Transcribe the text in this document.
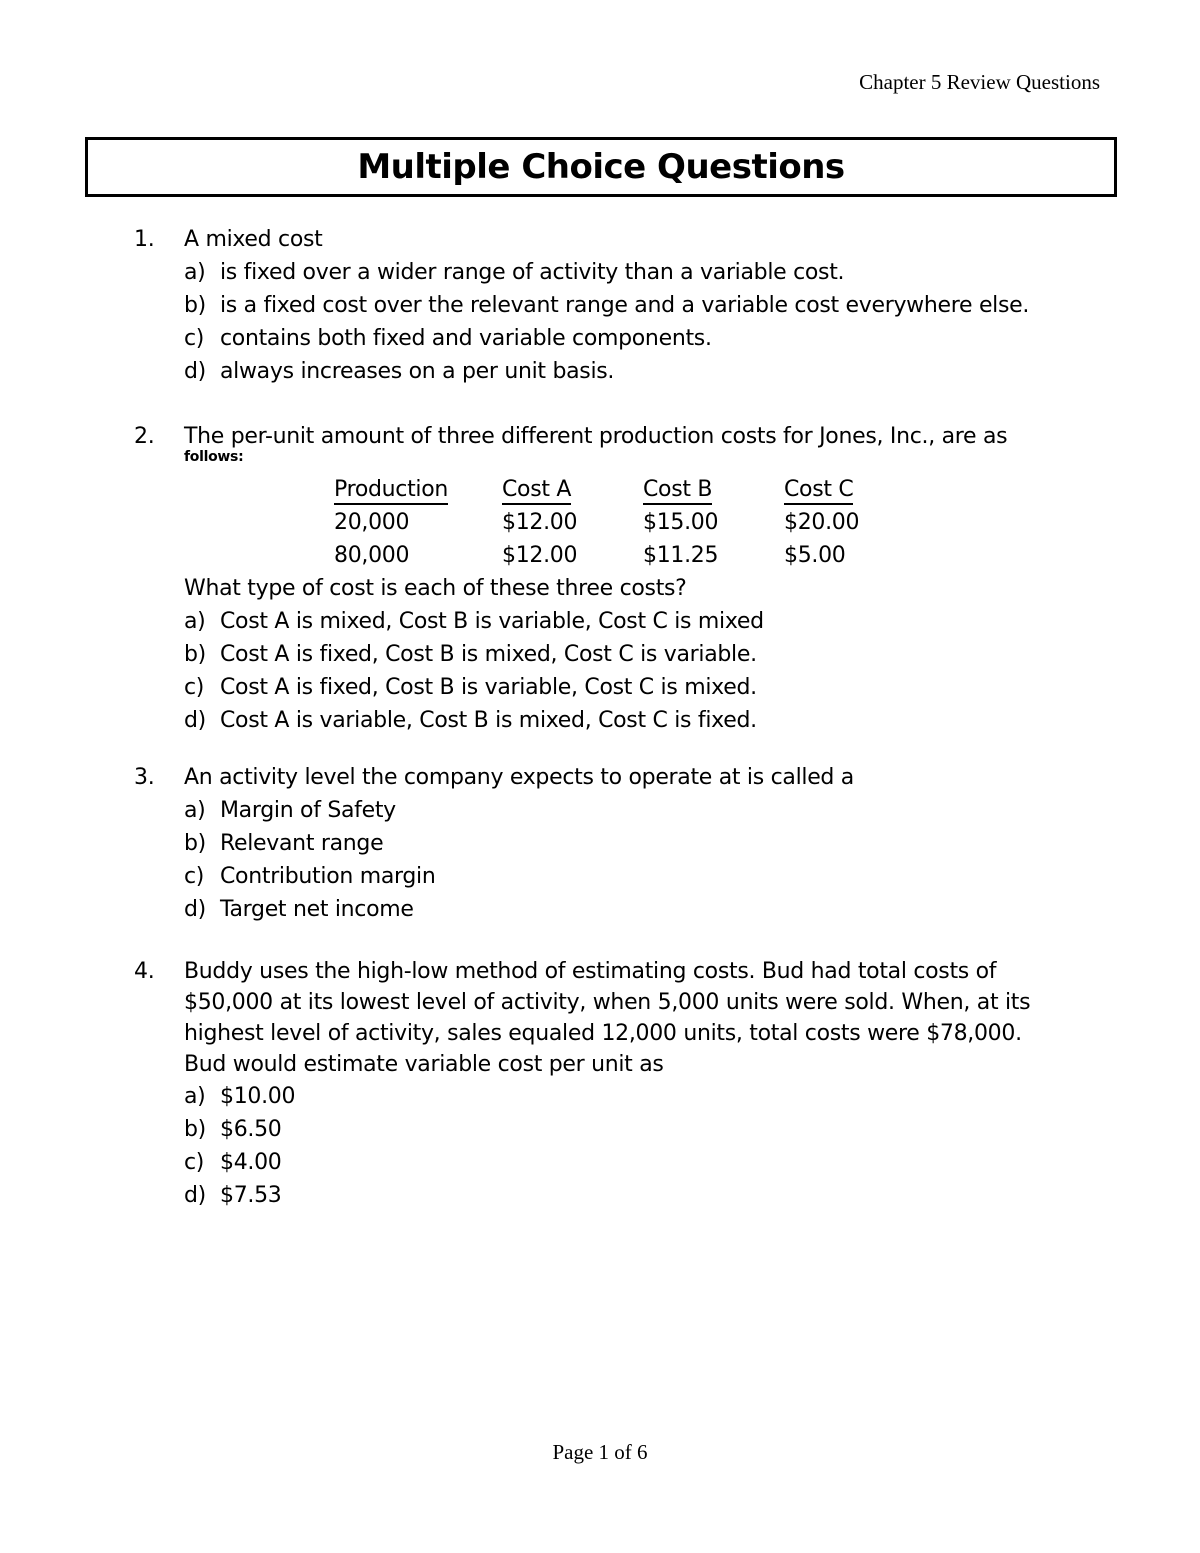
Chapter 5 Review Questions
Multiple Choice Questions
1.	A mixed cost
a) is fixed over a wider range of activity than a variable cost.
b) is a fixed cost over the relevant range and a variable cost everywhere else.
c) contains both fixed and variable components.
d) always increases on a per unit basis.
2.	The per-unit amount of three different production costs for Jones, Inc., are as
follows:
Production	Cost A	Cost B	Cost C
20,000	$12.00	$15.00	$20.00
80,000	$12.00	$11.25	$5.00
What type of cost is each of these three costs?
a) Cost A is mixed, Cost B is variable, Cost C is mixed
b) Cost A is fixed, Cost B is mixed, Cost C is variable.
c) Cost A is fixed, Cost B is variable, Cost C is mixed.
d) Cost A is variable, Cost B is mixed, Cost C is fixed.
3.	An activity level the company expects to operate at is called a
a) Margin of Safety
b) Relevant range
c) Contribution margin
d) Target net income
4.	Buddy uses the high-low method of estimating costs. Bud had total costs of
$50,000 at its lowest level of activity, when 5,000 units were sold. When, at its
highest level of activity, sales equaled 12,000 units, total costs were $78,000.
Bud would estimate variable cost per unit as
a) $10.00
b) $6.50
c) $4.00
d) $7.53
Page 1 of 6
